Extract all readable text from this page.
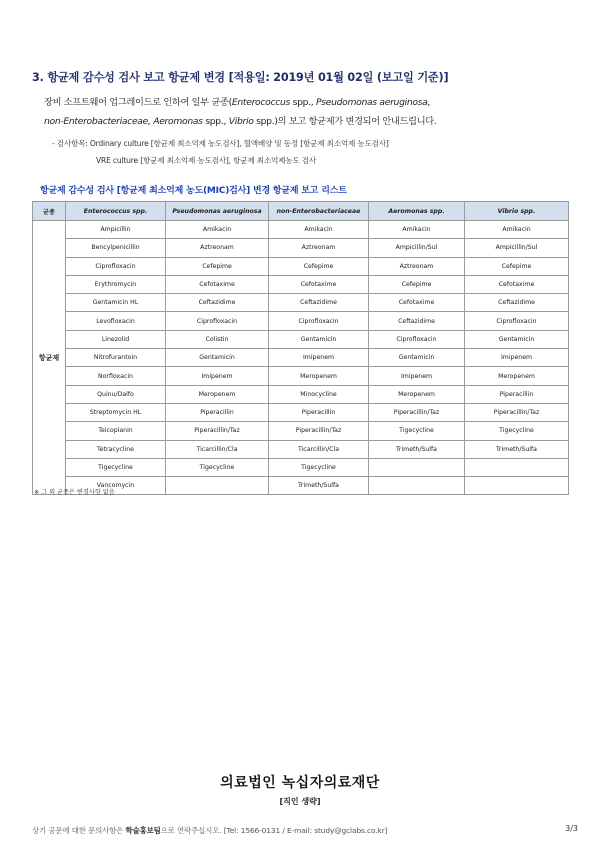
3. 항균제 감수성 검사 보고 항균제 변경 [적용일: 2019년 01월 02일 (보고일 기준)]
장비 소프트웨어 업그레이드로 인하여 일부 균종(Enterococcus spp., Pseudomonas aeruginosa,
non-Enterobacteriaceae, Aeromonas spp., Vibrio spp.)의 보고 항균제가 변경되어 안내드립니다.
- 검사항목: Ordinary culture [항균제 최소억제 농도검사], 혈액배양 및 동정 [항균제 최소억제 농도검사]
VRE culture [항균제 최소억제 농도검사], 항균제 최소억제농도 검사
항균제 감수성 검사 [항균제 최소억제 농도(MIC)검사] 변경 항균제 보고 리스트
균종	Enterococcus spp.	Pseudomonas aeruginosa	non-Enterobacteriaceae	Aeromonas spp.	Vibrio spp.
항균제	Ampicillin	Amikacin	Amikacin	Amikacin	Amikacin
	Bencylpenicillin	Aztreonam	Aztreonam	Ampicillin/Sul	Ampicillin/Sul
	Ciprofloxacin	Cefepime	Cefepime	Aztreonam	Cefepime
	Erythromycin	Cefotaxime	Cefotaxime	Cefepime	Cefotaxime
	Gentamicin HL	Ceftazidime	Ceftazidime	Cefotaxime	Ceftazidime
	Levofloxacin	Ciprofloxacin	Ciprofloxacin	Ceftazidime	Ciprofloxacin
	Linezolid	Colistin	Gentamicin	Ciprofloxacin	Gentamicin
	Nitrofurantoin	Gentamicin	Imipenem	Gentamicin	Imipenem
	Norfloxacin	Imipenem	Meropenem	Imipenem	Meropenem
	Quinu/Dalfo	Meropenem	Minocycline	Meropenem	Piperacillin
	Streptomycin HL	Piperacillin	Piperacillin	Piperacillin/Taz	Piperacillin/Taz
	Teicoplanin	Piperacillin/Taz	Piperacillin/Taz	Tigecycline	Tigecycline
	Tetracycline	Ticarcillin/Cla	Ticarcillin/Cla	Trimeth/Sulfa	Trimeth/Sulfa
	Tigecycline	Tigecycline	Tigecycline		
	Vancomycin		Trimeth/Sulfa		
※ 그 외 균종은 변경사항 없음
의료법인 녹십자의료재단
[직인 생략]
상기 공문에 대한 문의사항은 학술홍보팀으로 연락주십시오. [Tel: 1566-0131 / E-mail: study@gclabs.co.kr]	3/3
